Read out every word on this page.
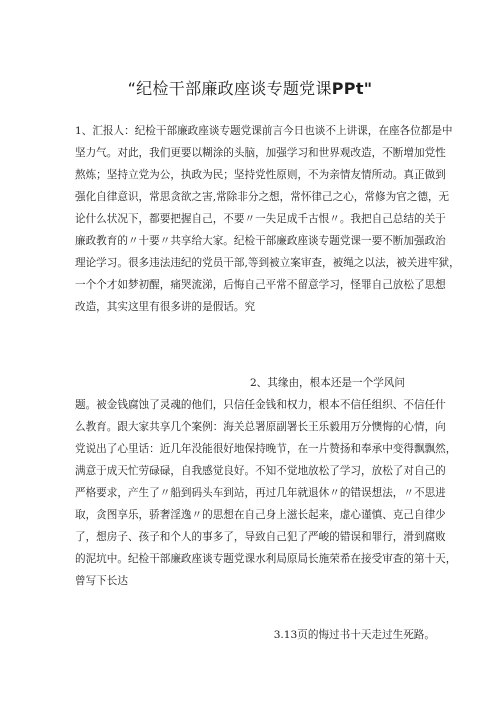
“纪检干部廉政座谈专题党课PPt"
1、汇报人：纪检干部廉政座谈专题党课前言今日也谈不上讲课，在座各位都是中
坚力气。对此，我们更要以糊涂的头脑，加强学习和世界观改造，不断增加党性
熬炼；坚持立党为公，执政为民；坚持党性原则，不为亲情友情所动。真正做到
强化自律意识，常思贪欲之害,常除非分之想，常怀律己之心，常修为官之德，无
论什么状况下，都要把握自己，不要〃一失足成千古恨〃。我把自己总结的关于
廉政教育的〃十要〃共享给大家。纪检干部廉政座谈专题党课一要不断加强政治
理论学习。很多违法违纪的党员干部,等到被立案审查，被绳之以法，被关进牢狱，
一个个才如梦初醒，痛哭流涕，后悔自己平常不留意学习，怪罪自己放松了思想
改造，其实这里有很多讲的是假话。究
2、其缘由，根本还是一个学风问
题。被金钱腐蚀了灵魂的他们，只信任金钱和权力，根本不信任组织、不信任什
么教育。跟大家共享几个案例：海关总署原副署长王乐毅用万分懊悔的心情，向
党说出了心里话：近几年没能很好地保持晚节，在一片赞扬和奉承中变得飘飘然，
满意于成天忙劳碌碌，自我感觉良好。不知不觉地放松了学习，放松了对自己的
严格要求，产生了〃船到码头车到站，再过几年就退休〃的错误想法，〃不思进
取，贪图享乐，骄奢淫逸〃的思想在自己身上滋长起来，虚心谨慎、克己自律少
了，想房子、孩子和个人的事多了，导致自己犯了严峻的错误和罪行，滑到腐败
的泥坑中。纪检干部廉政座谈专题党课水利局原局长施荣希在接受审查的第十天，
曾写下长达
3.13页的悔过书十天走过生死路。
